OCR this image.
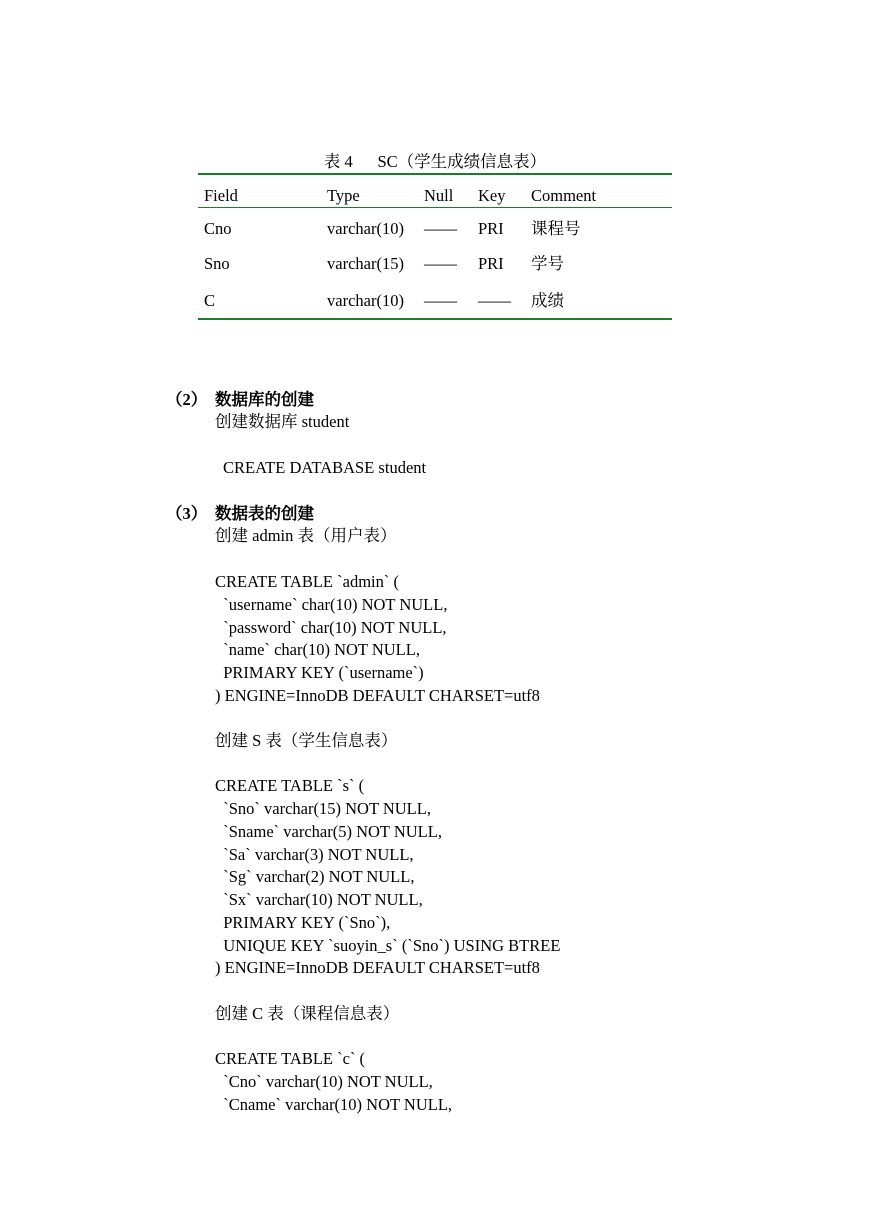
表 4      SC（学生成绩信息表）
Field	Type	Null Key Comment
Cno	varchar(10) —— PRI 课程号
Sno	varchar(15) —— PRI 学号
C	varchar(10) —— —— 成绩
（2） 数据库的创建
创建数据库 student
CREATE DATABASE student
（3） 数据表的创建
创建 admin 表（用户表）
CREATE TABLE `admin` (
`username` char(10) NOT NULL,
`password` char(10) NOT NULL,
`name` char(10) NOT NULL,
PRIMARY KEY (`username`)
) ENGINE=InnoDB DEFAULT CHARSET=utf8
创建 S 表（学生信息表）
CREATE TABLE `s` (
`Sno` varchar(15) NOT NULL,
`Sname` varchar(5) NOT NULL,
`Sa` varchar(3) NOT NULL,
`Sg` varchar(2) NOT NULL,
`Sx` varchar(10) NOT NULL,
PRIMARY KEY (`Sno`),
UNIQUE KEY `suoyin_s` (`Sno`) USING BTREE
) ENGINE=InnoDB DEFAULT CHARSET=utf8
创建 C 表（课程信息表）
CREATE TABLE `c` (
`Cno` varchar(10) NOT NULL,
`Cname` varchar(10) NOT NULL,
